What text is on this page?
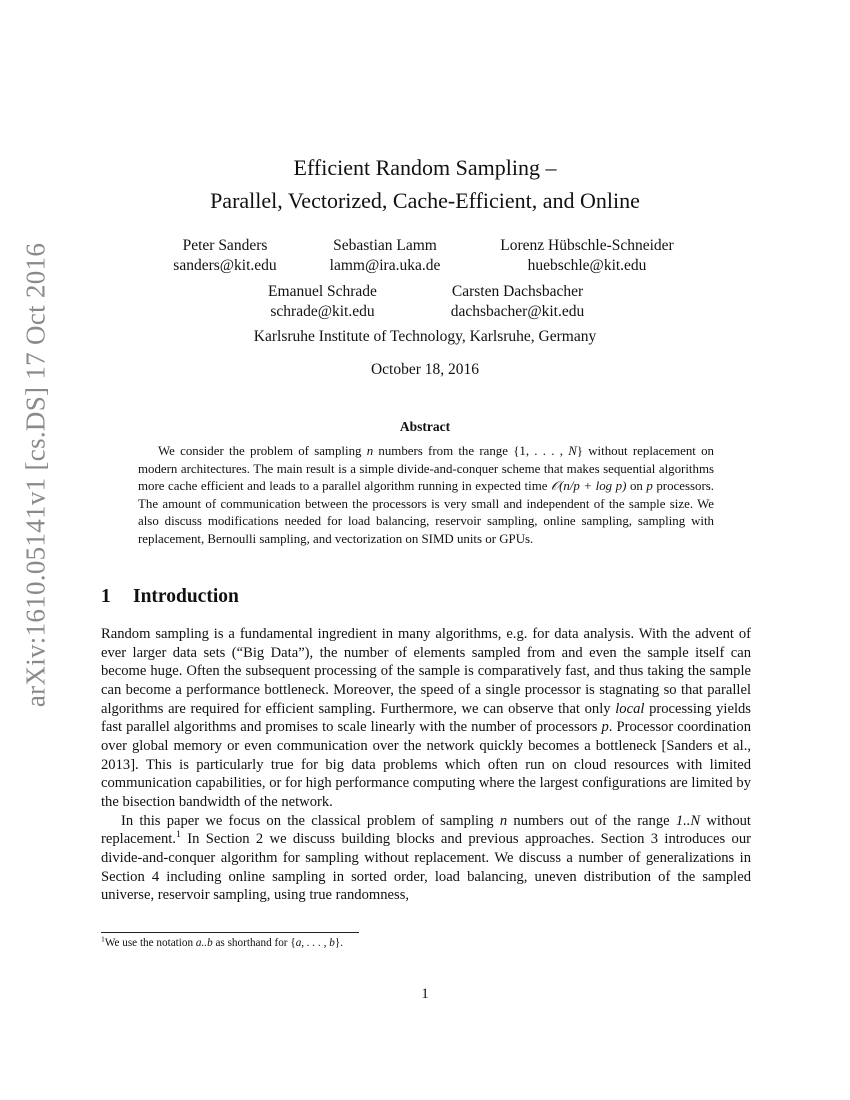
arXiv:1610.05141v1 [cs.DS] 17 Oct 2016
Efficient Random Sampling –
Parallel, Vectorized, Cache-Efficient, and Online
Peter Sanders
sanders@kit.edu
Sebastian Lamm
lamm@ira.uka.de
Lorenz Hübschle-Schneider
huebschle@kit.edu
Emanuel Schrade
schrade@kit.edu
Carsten Dachsbacher
dachsbacher@kit.edu
Karlsruhe Institute of Technology, Karlsruhe, Germany
October 18, 2016
Abstract

We consider the problem of sampling n numbers from the range {1, . . . , N} without replacement on modern architectures. The main result is a simple divide-and-conquer scheme that makes sequential algorithms more cache efficient and leads to a parallel algorithm running in expected time 𝒪(n/p + log p) on p processors. The amount of communication between the processors is very small and independent of the sample size. We also discuss modifications needed for load balancing, reservoir sampling, online sampling, sampling with replacement, Bernoulli sampling, and vectorization on SIMD units or GPUs.

1 Introduction

Random sampling is a fundamental ingredient in many algorithms, e.g. for data analysis. With the advent of ever larger data sets (“Big Data”), the number of elements sampled from and even the sample itself can become huge. Often the subsequent processing of the sample is comparatively fast, and thus taking the sample can become a performance bottleneck. Moreover, the speed of a single processor is stagnating so that parallel algorithms are required for efficient sampling. Furthermore, we can observe that only local processing yields fast parallel algorithms and promises to scale linearly with the number of processors p. Processor coordination over global memory or even communication over the network quickly becomes a bottleneck [Sanders et al., 2013]. This is particularly true for big data problems which often run on cloud resources with limited communication capabilities, or for high performance computing where the largest configurations are limited by the bisection bandwidth of the network.

In this paper we focus on the classical problem of sampling n numbers out of the range 1..N without replacement.$^1$ In Section 2 we discuss building blocks and previous approaches. Section 3 introduces our divide-and-conquer algorithm for sampling without replacement. We discuss a number of generalizations in Section 4 including online sampling in sorted order, load balancing, uneven distribution of the sampled universe, reservoir sampling, using true randomness,

$^1$We use the notation a..b as shorthand for {a, . . . , b}.
1
